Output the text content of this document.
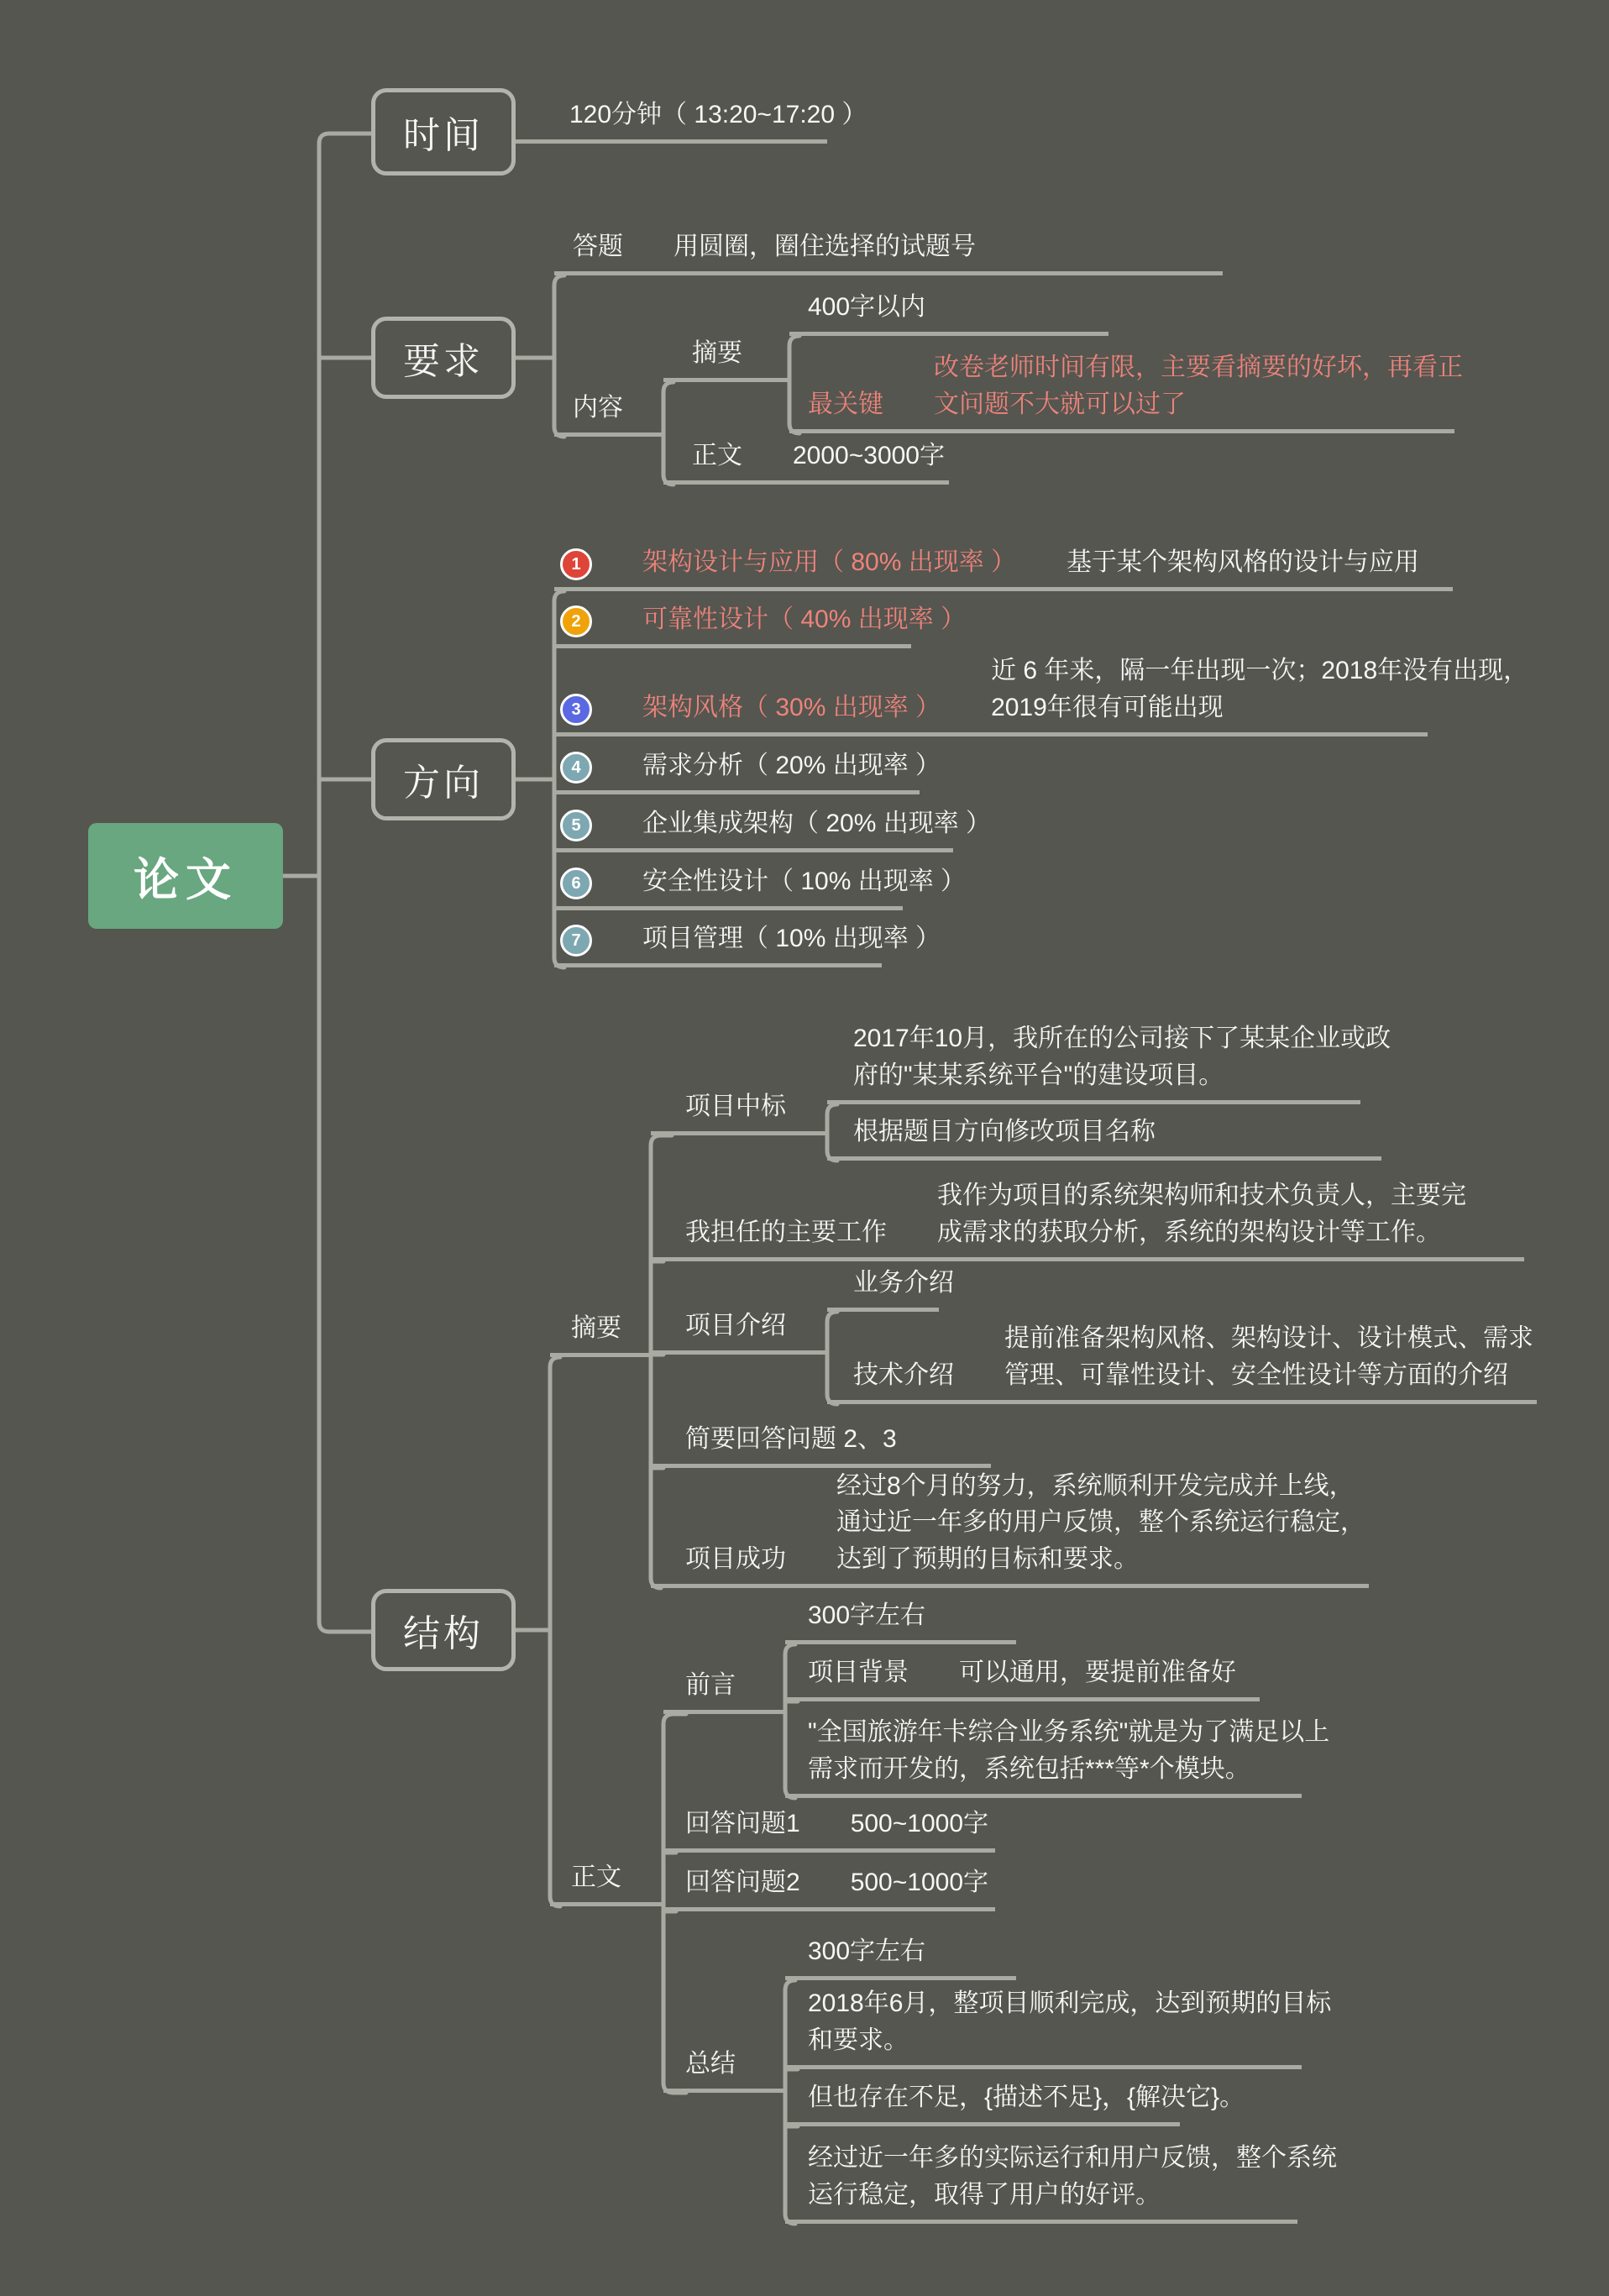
论文
时间
要求
方向
结构
120分钟（ 13:20~17:20 ）
答题 用圆圈，圈住选择的试题号
内容
摘要
400字以内
最关键
改卷老师时间有限，主要看摘要的好坏，再看正
文问题不大就可以过了
正文 2000~3000字
1	架构设计与应用（ 80% 出现率 ） 基于某个架构风格的设计与应用
2	可靠性设计（ 40% 出现率 ）
3	架构风格（ 30% 出现率 ）
近 6 年来，隔一年出现一次；2018年没有出现，
2019年很有可能出现
4	需求分析（ 20% 出现率 ）
5	企业集成架构（ 20% 出现率 ）
6	安全性设计（ 10% 出现率 ）
7	项目管理（ 10% 出现率 ）
摘要
项目中标
2017年10月，我所在的公司接下了某某企业或政
府的"某某系统平台"的建设项目。
根据题目方向修改项目名称
我担任的主要工作
我作为项目的系统架构师和技术负责人，主要完
成需求的获取分析，系统的架构设计等工作。
项目介绍
业务介绍
技术介绍
提前准备架构风格、架构设计、设计模式、需求
管理、可靠性设计、安全性设计等方面的介绍
简要回答问题 2、3
项目成功
经过8个月的努力，系统顺利开发完成并上线，
通过近一年多的用户反馈，整个系统运行稳定，
达到了预期的目标和要求。
正文
前言
300字左右
项目背景 可以通用，要提前准备好
"全国旅游年卡综合业务系统"就是为了满足以上
需求而开发的，系统包括***等*个模块。
回答问题1 500~1000字
回答问题2 500~1000字
总结
300字左右
2018年6月，整项目顺利完成，达到预期的目标
和要求。
但也存在不足，{描述不足}，{解决它}。
经过近一年多的实际运行和用户反馈，整个系统
运行稳定，取得了用户的好评。
